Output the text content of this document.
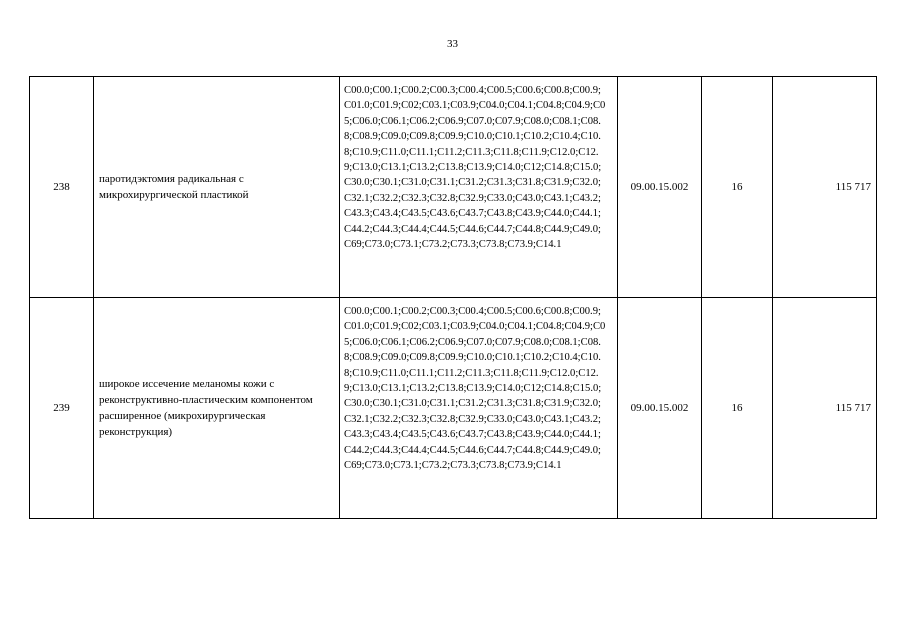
33
238	паротидэктомия радикальная с микрохирургической пластикой	C00.0;C00.1;C00.2;C00.3;C00.4;C00.5;C00.6;C00.8;C00.9;C01.0;C01.9;C02;C03.1;C03.9;C04.0;C04.1;C04.8;C04.9;C05;C06.0;C06.1;C06.2;C06.9;C07.0;C07.9;C08.0;C08.1;C08.8;C08.9;C09.0;C09.8;C09.9;C10.0;C10.1;C10.2;C10.4;C10.8;C10.9;C11.0;C11.1;C11.2;C11.3;C11.8;C11.9;C12.0;C12.9;C13.0;C13.1;C13.2;C13.8;C13.9;C14.0;C12;C14.8;C15.0;C30.0;C30.1;C31.0;C31.1;C31.2;C31.3;C31.8;C31.9;C32.0;C32.1;C32.2;C32.3;C32.8;C32.9;C33.0;C43.0;C43.1;C43.2;C43.3;C43.4;C43.5;C43.6;C43.7;C43.8;C43.9;C44.0;C44.1;C44.2;C44.3;C44.4;C44.5;C44.6;C44.7;C44.8;C44.9;C49.0;C69;C73.0;C73.1;C73.2;C73.3;C73.8;C73.9;C14.1	09.00.15.002	16	115 717
239	широкое иссечение меланомы кожи с реконструктивно-пластическим компонентом расширенное (микрохирургическая реконструкция)	C00.0;C00.1;C00.2;C00.3;C00.4;C00.5;C00.6;C00.8;C00.9;C01.0;C01.9;C02;C03.1;C03.9;C04.0;C04.1;C04.8;C04.9;C05;C06.0;C06.1;C06.2;C06.9;C07.0;C07.9;C08.0;C08.1;C08.8;C08.9;C09.0;C09.8;C09.9;C10.0;C10.1;C10.2;C10.4;C10.8;C10.9;C11.0;C11.1;C11.2;C11.3;C11.8;C11.9;C12.0;C12.9;C13.0;C13.1;C13.2;C13.8;C13.9;C14.0;C12;C14.8;C15.0;C30.0;C30.1;C31.0;C31.1;C31.2;C31.3;C31.8;C31.9;C32.0;C32.1;C32.2;C32.3;C32.8;C32.9;C33.0;C43.0;C43.1;C43.2;C43.3;C43.4;C43.5;C43.6;C43.7;C43.8;C43.9;C44.0;C44.1;C44.2;C44.3;C44.4;C44.5;C44.6;C44.7;C44.8;C44.9;C49.0;C69;C73.0;C73.1;C73.2;C73.3;C73.8;C73.9;C14.1	09.00.15.002	16	115 717
